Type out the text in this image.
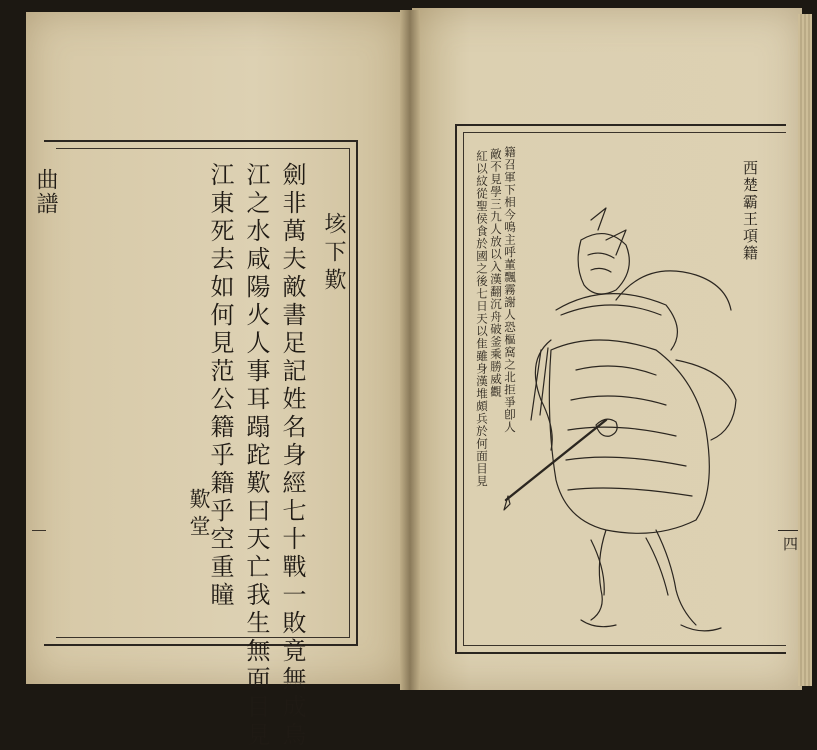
曲譜
垓下歎
劍非萬夫敵書足記姓名身經七十戰一敗竟無成烏
江之水咸陽火人事耳蹋跎歎曰天亡我生無面目見
江東死去如何見范公籍乎籍乎空重瞳
歎堂
西楚霸王項籍
籍召軍下相今鳴主呼董飄霧謝人恐樞窩之北拒爭卽人
敵不見學三九人放以入漢翻沉舟破釜乘勝威觀
紅以紋從聖侯食於國之後七日天以隹雖身漢堆頗兵於何面目見
四
